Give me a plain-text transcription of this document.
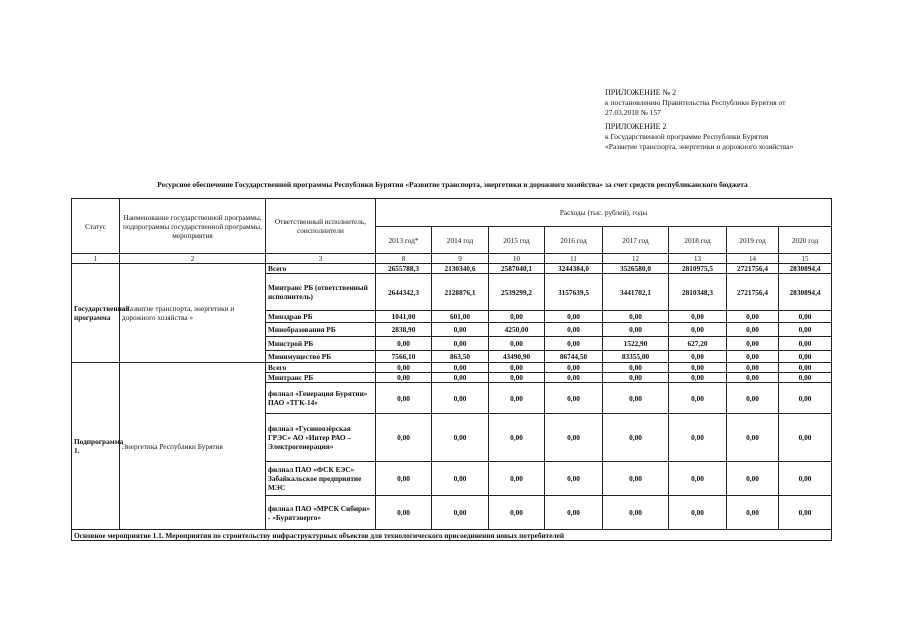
ПРИЛОЖЕНИЕ № 2
к постановлению Правительства Республики Бурятия от
27.03.2018 № 157
ПРИЛОЖЕНИЕ 2
к Государственной программе Республики Бурятия
«Развитие транспорта, энергетики и дорожного хозяйства»
Ресурсное обеспечение Государственной программы Республики Бурятия «Развитие транспорта, энергетики и дорожного хозяйства» за счет средств республиканского бюджета
Статус	Наименование государственной программы, подпрограммы государственной программы, мероприятия	Ответственный исполнитель, соисполнители	Расходы (тыс. рублей), годы							
			2013 год*	2014 год	2015 год	2016 год	2017 год	2018 год	2019 год	2020 год
1	2	3	8	9	10	11	12	13	14	15
Государственная программа	«Развитие транспорта, энергетики и дорожного хозяйства »	Всего	2655788,3	2130340,6	2587040,1	3244384,0	3526580,0	2810975,5	2721756,4	2830894,4
		Минтранс РБ (ответственный исполнитель)	2644342,3	2128876,1	2539299,2	3157639,5	3441702,1	2810348,3	2721756,4	2830894,4
		Минздрав РБ	1041,00	601,00	0,00	0,00	0,00	0,00	0,00	0,00
		Минобразования РБ	2838,90	0,00	4250,00	0,00	0,00	0,00	0,00	0,00
		Минстрой РБ	0,00	0,00	0,00	0,00	1522,90	627,20	0,00	0,00
		Минимущество РБ	7566,10	863,50	43490,90	86744,50	83355,00	0,00	0,00	0,00
Подпрограмма 1.	Энергетика Республики Бурятия	Всего	0,00	0,00	0,00	0,00	0,00	0,00	0,00	0,00
		Минтранс РБ	0,00	0,00	0,00	0,00	0,00	0,00	0,00	0,00
		филиал «Генерация Бурятии» ПАО «ТГК-14»	0,00	0,00	0,00	0,00	0,00	0,00	0,00	0,00
		филиал «Гусиноозёрская ГРЭС» АО «Интер РАО – Электрогенерация»	0,00	0,00	0,00	0,00	0,00	0,00	0,00	0,00
		филиал ПАО «ФСК ЕЭС» Забайкальское предприятие МЭС	0,00	0,00	0,00	0,00	0,00	0,00	0,00	0,00
		филиал ПАО «МРСК Сибири» - «Бурятэнерго»	0,00	0,00	0,00	0,00	0,00	0,00	0,00	0,00
Основное мероприятие 1.1. Мероприятия по строительству инфраструктурных объектов для технологического присоединения новых потребителей										
